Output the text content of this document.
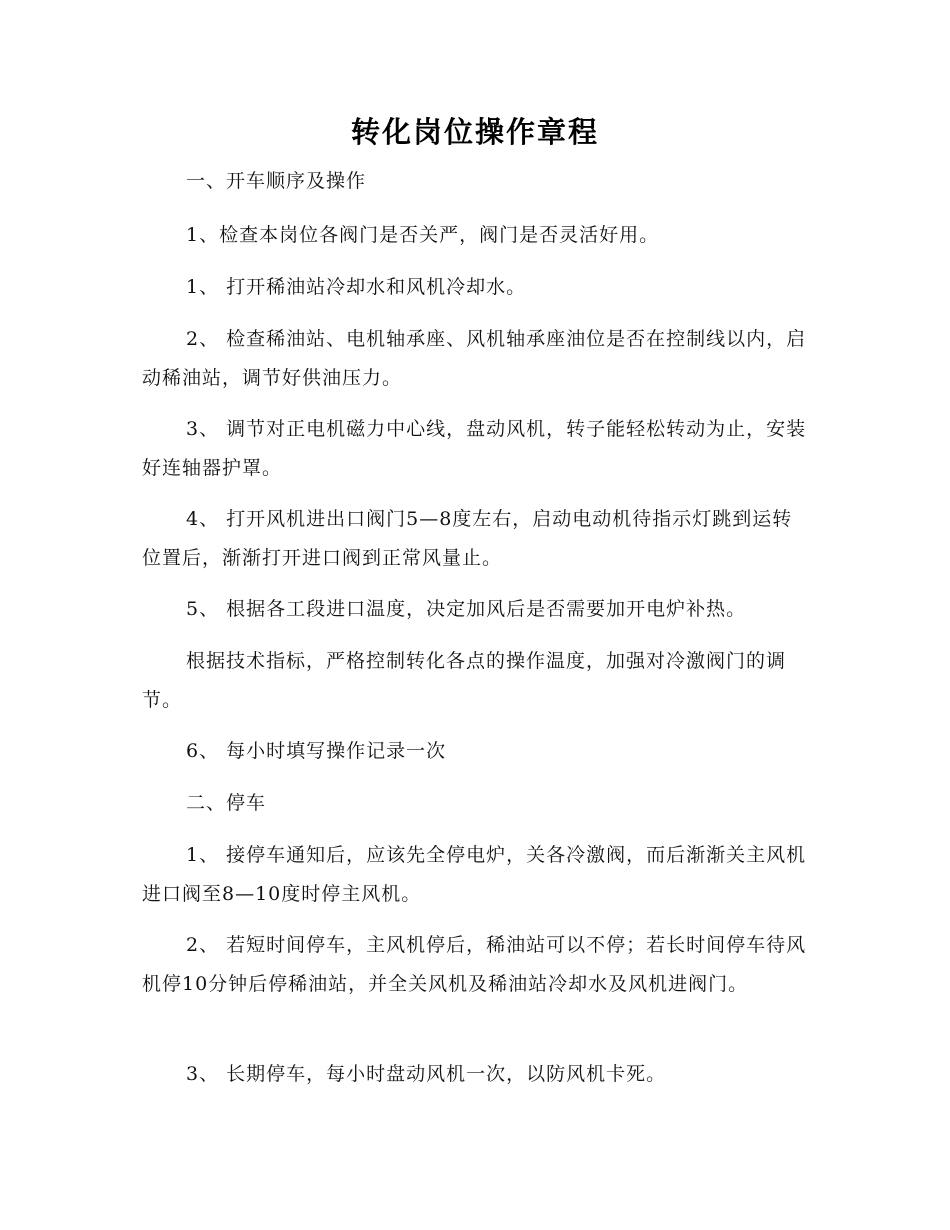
转化岗位操作章程

一、开车顺序及操作

1、检查本岗位各阀门是否关严，阀门是否灵活好用。

1、 打开稀油站冷却水和风机冷却水。

2、 检查稀油站、电机轴承座、风机轴承座油位是否在控制线以内，启动稀油站，调节好供油压力。

3、 调节对正电机磁力中心线，盘动风机，转子能轻松转动为止，安装好连轴器护罩。

4、 打开风机进出口阀门5—8度左右，启动电动机待指示灯跳到运转位置后，渐渐打开进口阀到正常风量止。

5、 根据各工段进口温度，决定加风后是否需要加开电炉补热。

根据技术指标，严格控制转化各点的操作温度，加强对冷激阀门的调节。

6、 每小时填写操作记录一次

二、停车

1、 接停车通知后，应该先全停电炉，关各冷激阀，而后渐渐关主风机进口阀至8—10度时停主风机。

2、 若短时间停车，主风机停后，稀油站可以不停；若长时间停车待风机停10分钟后停稀油站，并全关风机及稀油站冷却水及风机进阀门。

3、 长期停车，每小时盘动风机一次，以防风机卡死。
